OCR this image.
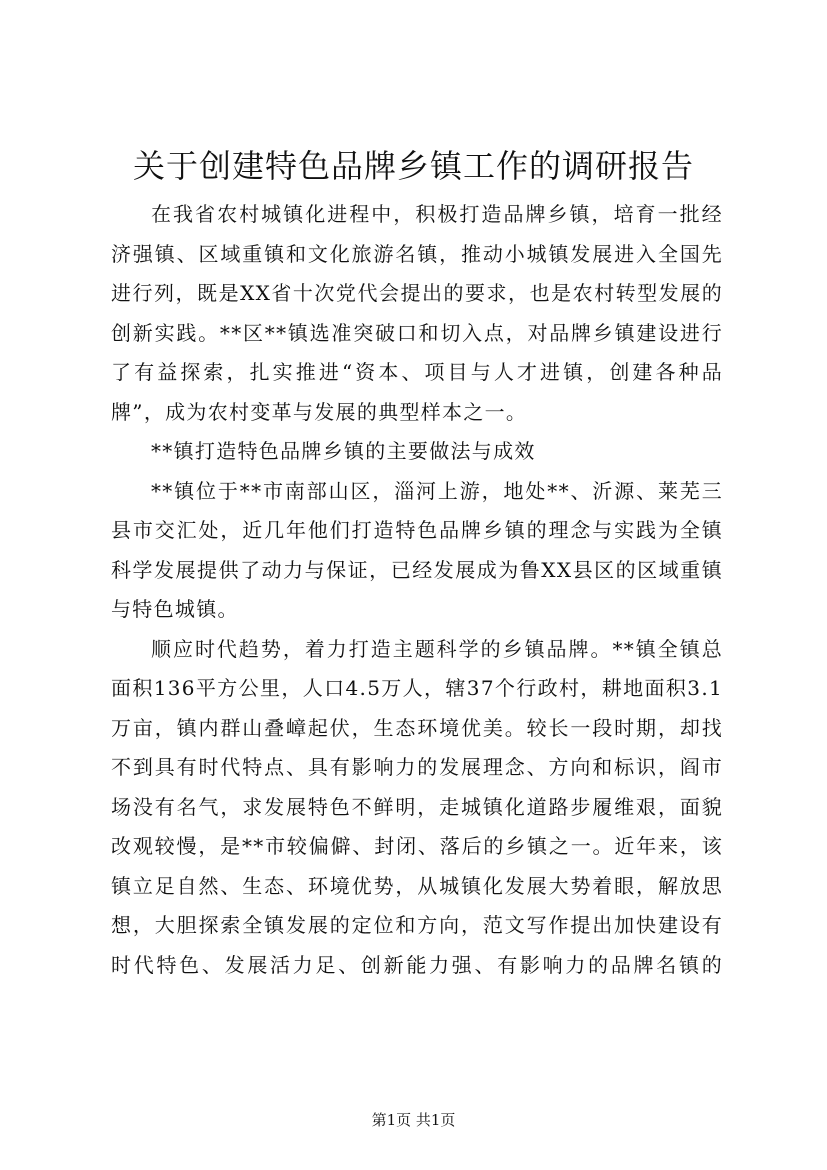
关于创建特色品牌乡镇工作的调研报告

在我省农村城镇化进程中，积极打造品牌乡镇，培育一批经济强镇、区域重镇和文化旅游名镇，推动小城镇发展进入全国先进行列，既是XX省十次党代会提出的要求，也是农村转型发展的创新实践。**区**镇选准突破口和切入点，对品牌乡镇建设进行了有益探索，扎实推进“资本、项目与人才进镇，创建各种品牌”，成为农村变革与发展的典型样本之一。

**镇打造特色品牌乡镇的主要做法与成效

**镇位于**市南部山区，淄河上游，地处**、沂源、莱芜三县市交汇处，近几年他们打造特色品牌乡镇的理念与实践为全镇科学发展提供了动力与保证，已经发展成为鲁XX县区的区域重镇与特色城镇。

顺应时代趋势，着力打造主题科学的乡镇品牌。**镇全镇总面积136平方公里，人口4.5万人，辖37个行政村，耕地面积3.1万亩，镇内群山叠嶂起伏，生态环境优美。较长一段时期，却找不到具有时代特点、具有影响力的发展理念、方向和标识，阎市场没有名气，求发展特色不鲜明，走城镇化道路步履维艰，面貌改观较慢，是**市较偏僻、封闭、落后的乡镇之一。近年来，该镇立足自然、生态、环境优势，从城镇化发展大势着眼，解放思想，大胆探索全镇发展的定位和方向，范文写作提出加快建设有时代特色、发展活力足、创新能力强、有影响力的品牌名镇的

第1页 共1页
